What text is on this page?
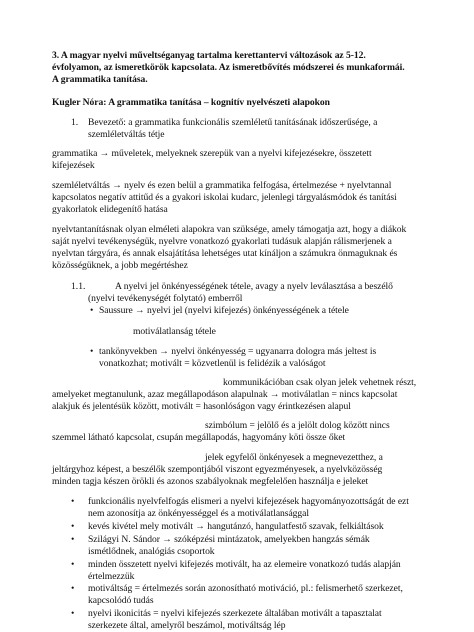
3. A magyar nyelvi műveltséganyag tartalma kerettantervi változások az 5-12.

évfolyamon, az ismeretkörök kapcsolata. Az ismeretbővítés módszerei és munkaformái.

A grammatika tanítása.

Kugler Nóra: A grammatika tanítása – kognitív nyelvészeti alapokon

1. Bevezető: a grammatika funkcionális szemléletű tanításának időszerűsége, a

szemléletváltás tétje

grammatika → műveletek, melyeknek szerepük van a nyelvi kifejezésekre, összetett

kifejezések

szemléletváltás → nyelv és ezen belül a grammatika felfogása, értelmezése + nyelvtannal

kapcsolatos negatív attitűd és a gyakori iskolai kudarc, jelenlegi tárgyalásmódok és tanítási

gyakorlatok elidegenítő hatása

nyelvtantanításnak olyan elméleti alapokra van szüksége, amely támogatja azt, hogy a diákok

saját nyelvi tevékenységük, nyelvre vonatkozó gyakorlati tudásuk alapján rálismerjenek a

nyelvtan tárgyára, és annak elsajátítása lehetséges utat kínáljon a számukra önmaguknak és

közösségüknek, a jobb megértéshez

1.1.	A nyelvi jel önkényességének tétele, avagy a nyelv leválasztása a beszélő

(nyelvi tevékenységét folytató) emberről

• Saussure → nyelvi jel (nyelvi kifejezés) önkényességének a tétele

motiválatlanság tétele

• tankönyvekben → nyelvi önkényesség = ugyanarra dologra más jeltest is

vonatkozhat; motivált = közvetlenül is felidézik a valóságot

kommunikációban csak olyan jelek vehetnek részt,

amelyeket megtanulunk, azaz megállapodáson alapulnak → motiválatlan = nincs kapcsolat

alakjuk és jelentésük között, motivált = hasonlóságon vagy érintkezésen alapul

szimbólum = jelölő és a jelölt dolog között nincs

szemmel látható kapcsolat, csupán megállapodás, hagyomány köti össze őket

jelek egyfelől önkényesek a megnevezetthez, a

jeltárgyhoz képest, a beszélők szempontjából viszont egyezményesek, a nyelvközösség

minden tagja készen örökli és azonos szabályoknak megfelelően használja e jeleket

• funkcionális nyelvfelfogás elismeri a nyelvi kifejezések hagyományozottságát de ezt

nem azonosítja az önkényességgel és a motiválatlansággal

• kevés kivétel mely motivált → hangutánzó, hangulatfestő szavak, felkiáltások

• Szilágyi N. Sándor → szóképzési mintázatok, amelyekben hangzás sémák

ismétlődnek, analógiás csoportok

• minden összetett nyelvi kifejezés motivált, ha az elemeire vonatkozó tudás alapján

értelmezzük

• motiváltság = értelmezés során azonosítható motiváció, pl.: felismerhető szerkezet,

kapcsolódó tudás

• nyelvi ikonicitás = nyelvi kifejezés szerkezete általában motivált a tapasztalat

szerkezete által, amelyről beszámol, motiváltság lép
